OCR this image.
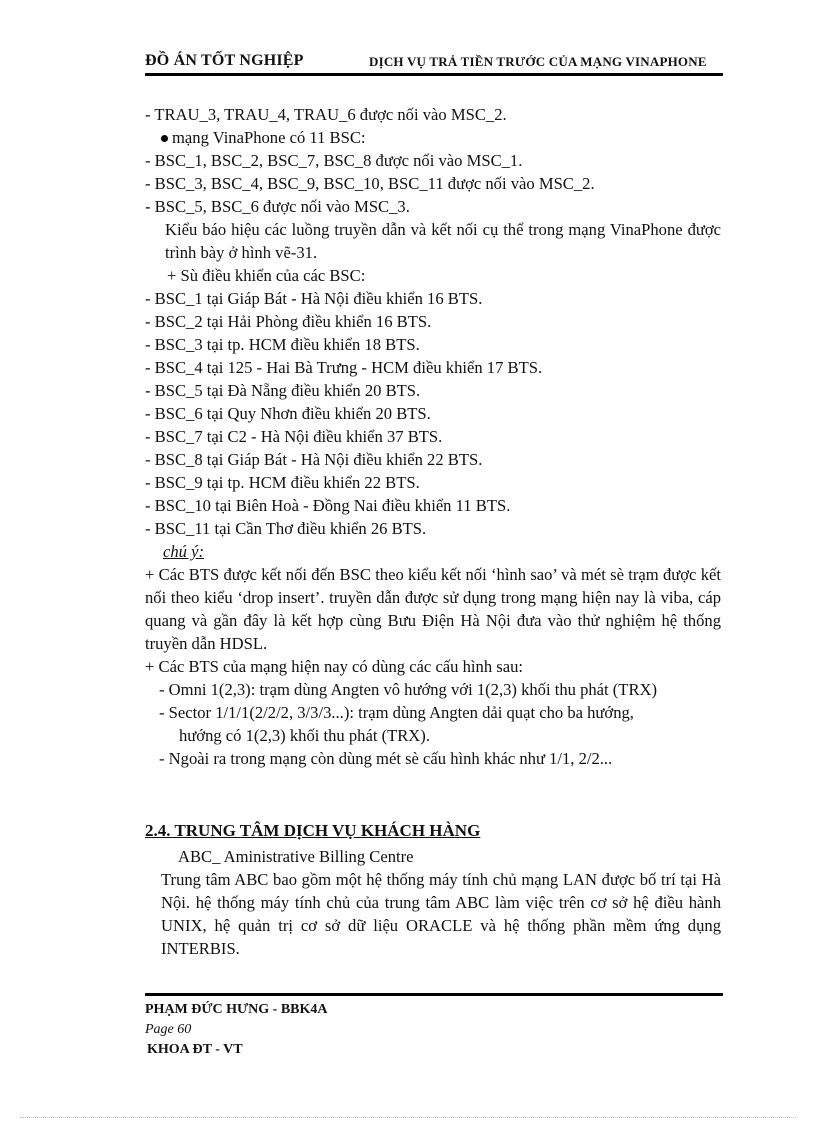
ĐỒ ÁN TỐT NGHIỆP	DỊCH VỤ TRẢ TIỀN TRƯỚC CỦA MẠNG VINAPHONE
- TRAU_3, TRAU_4, TRAU_6 được nối vào MSC_2.
mạng VinaPhone có 11 BSC:
- BSC_1, BSC_2, BSC_7, BSC_8 được nối vào MSC_1.
- BSC_3, BSC_4, BSC_9, BSC_10, BSC_11 được nối vào MSC_2.
- BSC_5, BSC_6 được nối vào MSC_3.
Kiểu báo hiệu các luồng truyền dẫn và kết nối cụ thể trong mạng VinaPhone được trình bày ở hình vẽ-31.
+ Sù điều khiển của các BSC:
- BSC_1 tại Giáp Bát - Hà Nội điều khiển 16 BTS.
- BSC_2 tại Hải Phòng điều khiển 16 BTS.
- BSC_3 tại tp. HCM điều khiển 18 BTS.
- BSC_4 tại 125 - Hai Bà Trưng - HCM điều khiển 17 BTS.
- BSC_5 tại Đà Nẵng điều khiển 20 BTS.
- BSC_6 tại Quy Nhơn điều khiển 20 BTS.
- BSC_7 tại C2 - Hà Nội điều khiển 37 BTS.
- BSC_8 tại Giáp Bát - Hà Nội điều khiển 22 BTS.
- BSC_9 tại tp. HCM điều khiển 22 BTS.
- BSC_10 tại Biên Hoà - Đồng Nai điều khiển 11 BTS.
- BSC_11 tại Cần Thơ điều khiển 26 BTS.
chú ý:
+ Các BTS được kết nối đến BSC theo kiểu kết nối ‘hình sao’ và mét sè trạm được kết nối theo kiểu ‘drop insert’. truyền dẫn được sử dụng trong mạng hiện nay là viba, cáp quang và gần đây là kết hợp cùng Bưu Điện Hà Nội đưa vào thử nghiệm hệ thống truyền dẫn HDSL.
+ Các BTS của mạng hiện nay có dùng các cấu hình sau:
- Omni 1(2,3): trạm dùng Angten vô hướng với 1(2,3) khối thu phát (TRX)
- Sector 1/1/1(2/2/2, 3/3/3...): trạm dùng Angten dải quạt cho ba hướng,
hướng có 1(2,3) khối thu phát (TRX).
- Ngoài ra trong mạng còn dùng mét sè cấu hình khác như 1/1, 2/2...
2.4. TRUNG TÂM DỊCH VỤ KHÁCH HÀNG
ABC_ Aministrative Billing Centre
Trung tâm ABC bao gồm một hệ thống máy tính chủ mạng LAN được bố trí tại Hà Nội. hệ thống máy tính chủ của trung tâm ABC làm việc trên cơ sở hệ điều hành UNIX, hệ quản trị cơ sở dữ liệu ORACLE và hệ thống phần mềm ứng dụng INTERBIS.
PHẠM ĐỨC HƯNG - BBK4A
Page 60
KHOA ĐT - VT
